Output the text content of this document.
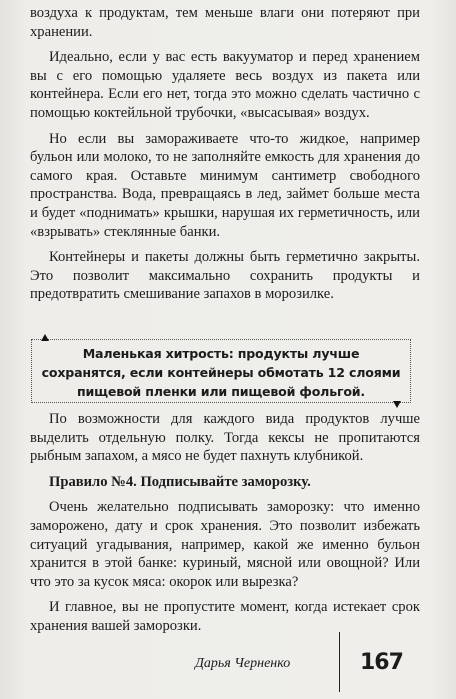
воздуха к продуктам, тем меньше влаги они потеряют при хранении.

Идеально, если у вас есть вакууматор и перед хранением вы с его помощью удаляете весь воздух из пакета или контейнера. Если его нет, тогда это можно сделать частично с помощью коктейльной трубочки, «высасывая» воздух.

Но если вы замораживаете что-то жидкое, например бульон или молоко, то не заполняйте емкость для хранения до самого края. Оставьте минимум сантиметр свободного пространства. Вода, превращаясь в лед, займет больше места и будет «поднимать» крышки, нарушая их герметичность, или «взрывать» стеклянные банки.

Контейнеры и пакеты должны быть герметично закрыты. Это позволит максимально сохранить продукты и предотвратить смешивание запахов в морозилке.

Маленькая хитрость: продукты лучше сохранятся, если контейнеры обмотать 12 слоями пищевой пленки или пищевой фольгой.

По возможности для каждого вида продуктов лучше выделить отдельную полку. Тогда кексы не пропитаются рыбным запахом, а мясо не будет пахнуть клубникой.

Правило №4. Подписывайте заморозку.

Очень желательно подписывать заморозку: что именно заморожено, дату и срок хранения. Это позволит избежать ситуаций угадывания, например, какой же именно бульон хранится в этой банке: куриный, мясной или овощной? Или что это за кусок мяса: окорок или вырезка?

И главное, вы не пропустите момент, когда истекает срок хранения вашей заморозки.

Дарья Черненко	167
